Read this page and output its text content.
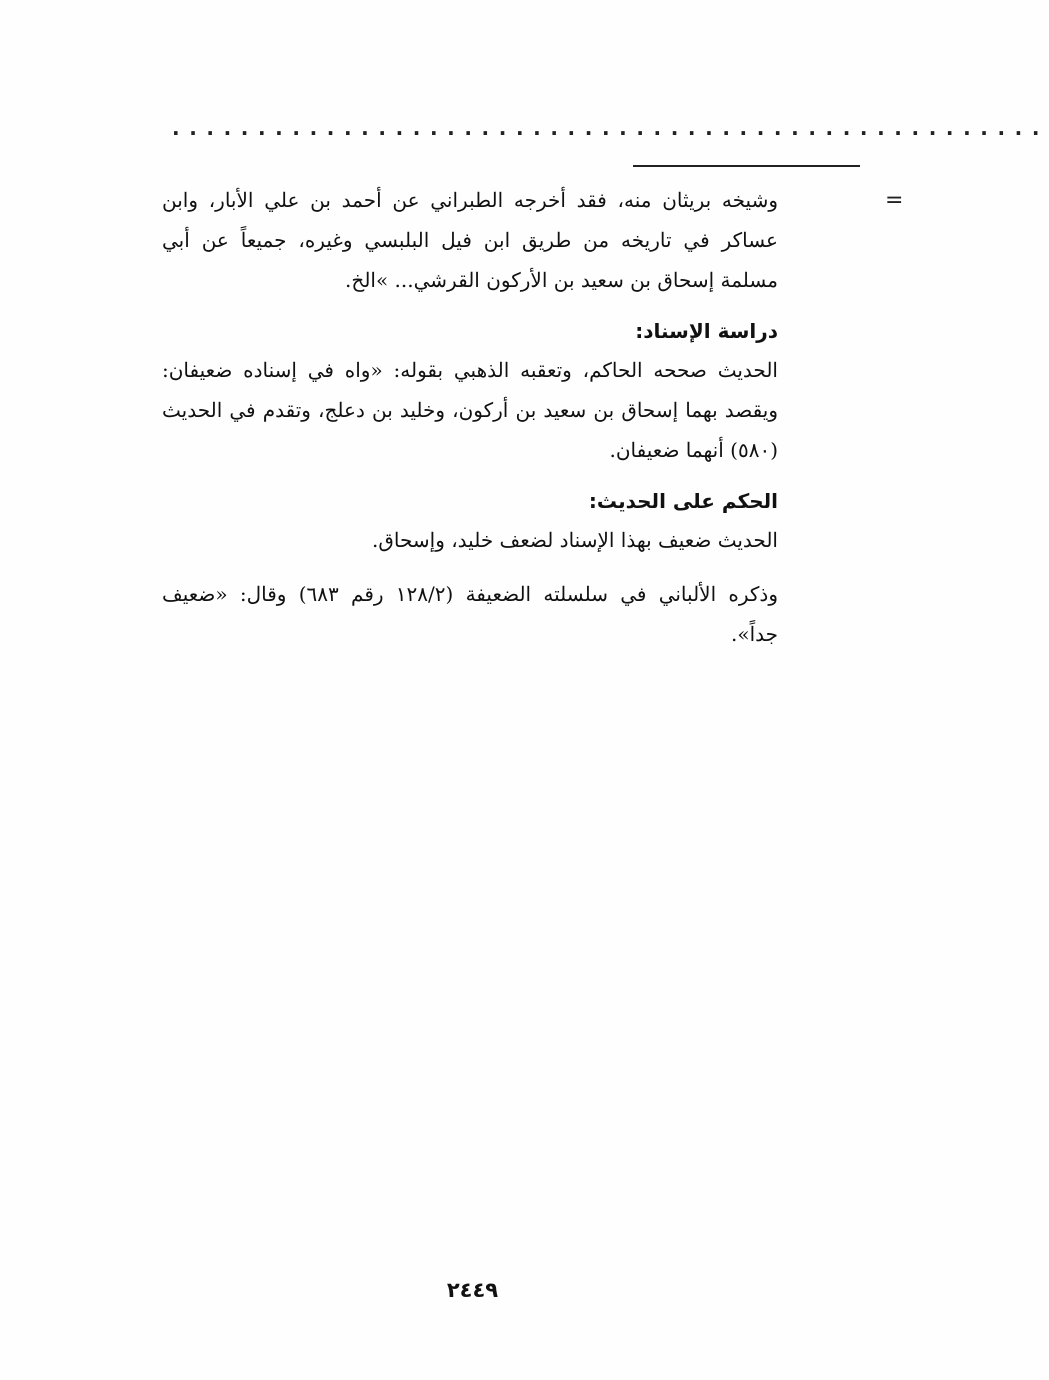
...................................................
=

وشيخه بريثان منه، فقد أخرجه الطبراني عن أحمد بن علي الأبار، وابن عساكر في تاريخه من طريق ابن فيل البلبسي وغيره، جميعاً عن أبي مسلمة إسحاق بن سعيد بن الأركون القرشي... »الخ.

دراسة الإسناد:

الحديث صححه الحاكم، وتعقبه الذهبي بقوله: «واه في إسناده ضعيفان: ويقصد بهما إسحاق بن سعيد بن أركون، وخليد بن دعلج، وتقدم في الحديث (٥٨٠) أنهما ضعيفان.

الحكم على الحديث:

الحديث ضعيف بهذا الإسناد لضعف خليد، وإسحاق.

وذكره الألباني في سلسلته الضعيفة (١٢٨/٢ رقم ٦٨٣) وقال: «ضعيف جداً».

٢٤٤٩
